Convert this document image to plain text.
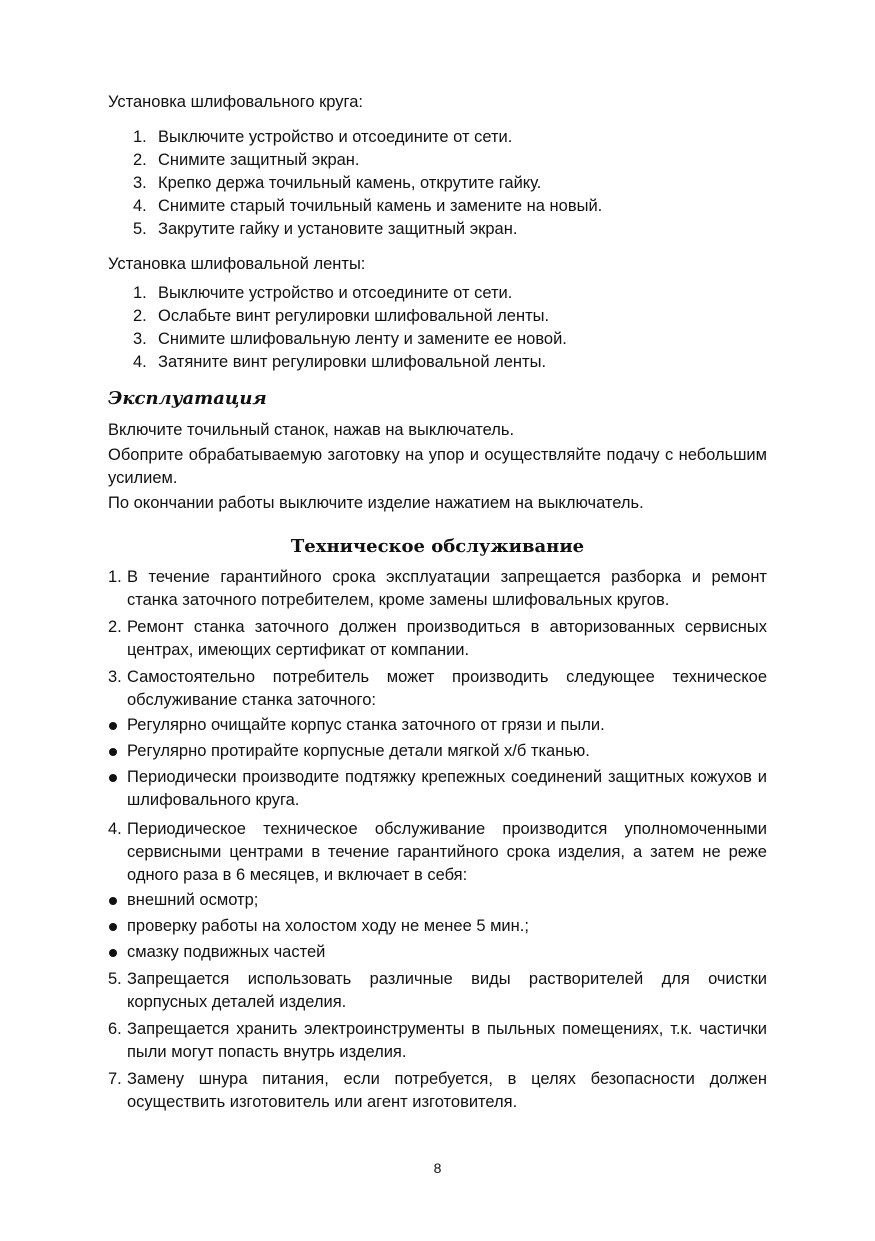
Установка шлифовального круга:
1. Выключите устройство и отсоедините от сети.
2. Снимите защитный экран.
3. Крепко держа точильный камень, открутите гайку.
4. Снимите старый точильный камень и замените на новый.
5. Закрутите гайку и установите защитный экран.
Установка шлифовальной ленты:
1. Выключите устройство и отсоедините от сети.
2. Ослабьте винт регулировки шлифовальной ленты.
3. Снимите шлифовальную ленту и замените ее новой.
4. Затяните винт регулировки шлифовальной ленты.
Эксплуатация
Включите точильный станок, нажав на выключатель.
Обоприте обрабатываемую заготовку на упор и осуществляйте подачу с небольшим усилием.
По окончании работы выключите изделие нажатием на выключатель.
Техническое обслуживание
1. В течение гарантийного срока эксплуатации запрещается разборка и ремонт станка заточного потребителем, кроме замены шлифовальных кругов.
2. Ремонт станка заточного должен производиться в авторизованных сервисных центрах, имеющих сертификат от компании.
3. Самостоятельно потребитель может производить следующее техническое обслуживание станка заточного:
Регулярно очищайте корпус станка заточного от грязи и пыли.
Регулярно протирайте корпусные детали мягкой х/б тканью.
Периодически производите подтяжку крепежных соединений защитных кожухов и шлифовального круга.
4. Периодическое техническое обслуживание производится уполномоченными сервисными центрами в течение гарантийного срока изделия, а затем не реже одного раза в 6 месяцев, и включает в себя:
внешний осмотр;
проверку работы на холостом ходу не менее 5 мин.;
смазку подвижных частей
5. Запрещается использовать различные виды растворителей для очистки корпусных деталей изделия.
6. Запрещается хранить электроинструменты в пыльных помещениях, т.к. частички пыли могут попасть внутрь изделия.
7. Замену шнура питания, если потребуется, в целях безопасности должен осуществить изготовитель или агент изготовителя.
8
